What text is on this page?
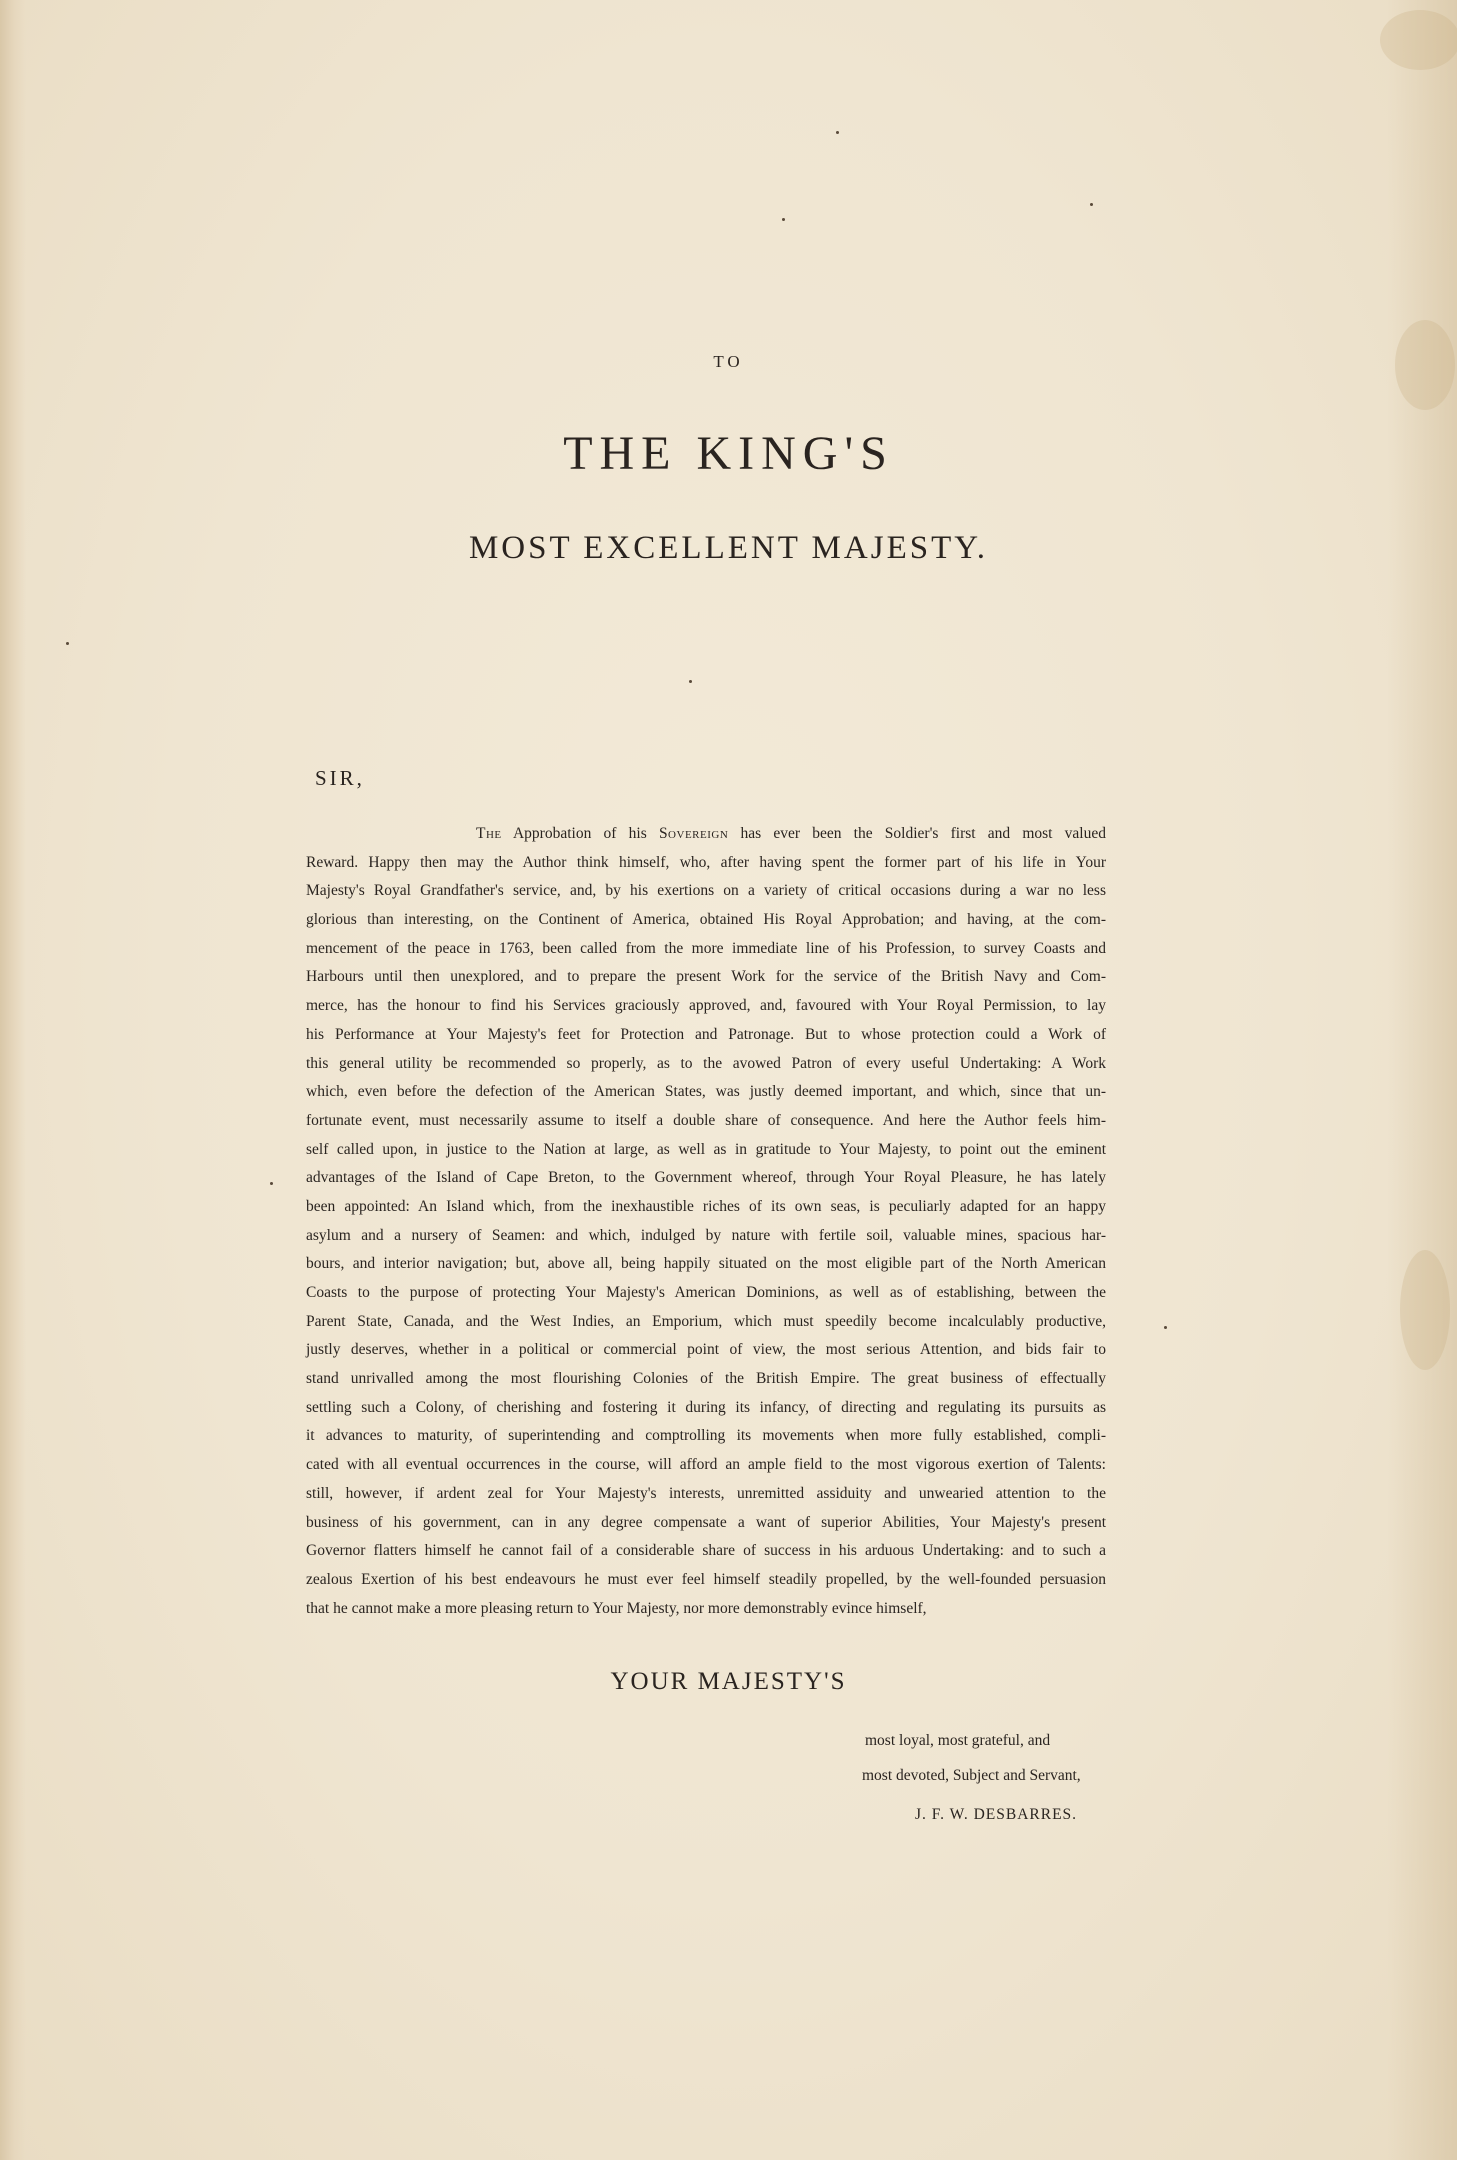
TO
THE KING'S
MOST EXCELLENT MAJESTY.
SIR,
The Approbation of his Sovereign has ever been the Soldier's first and most valued
Reward. Happy then may the Author think himself, who, after having spent the former part of his life in Your
Majesty's Royal Grandfather's service, and, by his exertions on a variety of critical occasions during a war no less
glorious than interesting, on the Continent of America, obtained His Royal Approbation; and having, at the com-
mencement of the peace in 1763, been called from the more immediate line of his Profession, to survey Coasts and
Harbours until then unexplored, and to prepare the present Work for the service of the British Navy and Com-
merce, has the honour to find his Services graciously approved, and, favoured with Your Royal Permission, to lay
his Performance at Your Majesty's feet for Protection and Patronage. But to whose protection could a Work of
this general utility be recommended so properly, as to the avowed Patron of every useful Undertaking: A Work
which, even before the defection of the American States, was justly deemed important, and which, since that un-
fortunate event, must necessarily assume to itself a double share of consequence. And here the Author feels him-
self called upon, in justice to the Nation at large, as well as in gratitude to Your Majesty, to point out the eminent
advantages of the Island of Cape Breton, to the Government whereof, through Your Royal Pleasure, he has lately
been appointed: An Island which, from the inexhaustible riches of its own seas, is peculiarly adapted for an happy
asylum and a nursery of Seamen: and which, indulged by nature with fertile soil, valuable mines, spacious har-
bours, and interior navigation; but, above all, being happily situated on the most eligible part of the North American
Coasts to the purpose of protecting Your Majesty's American Dominions, as well as of establishing, between the
Parent State, Canada, and the West Indies, an Emporium, which must speedily become incalculably productive,
justly deserves, whether in a political or commercial point of view, the most serious Attention, and bids fair to
stand unrivalled among the most flourishing Colonies of the British Empire. The great business of effectually
settling such a Colony, of cherishing and fostering it during its infancy, of directing and regulating its pursuits as
it advances to maturity, of superintending and comptrolling its movements when more fully established, compli-
cated with all eventual occurrences in the course, will afford an ample field to the most vigorous exertion of Talents:
still, however, if ardent zeal for Your Majesty's interests, unremitted assiduity and unwearied attention to the
business of his government, can in any degree compensate a want of superior Abilities, Your Majesty's present
Governor flatters himself he cannot fail of a considerable share of success in his arduous Undertaking: and to such a
zealous Exertion of his best endeavours he must ever feel himself steadily propelled, by the well-founded persuasion
that he cannot make a more pleasing return to Your Majesty, nor more demonstrably evince himself,
YOUR MAJESTY'S
most loyal, most grateful, and
most devoted, Subject and Servant,
J. F. W. DESBARRES.
